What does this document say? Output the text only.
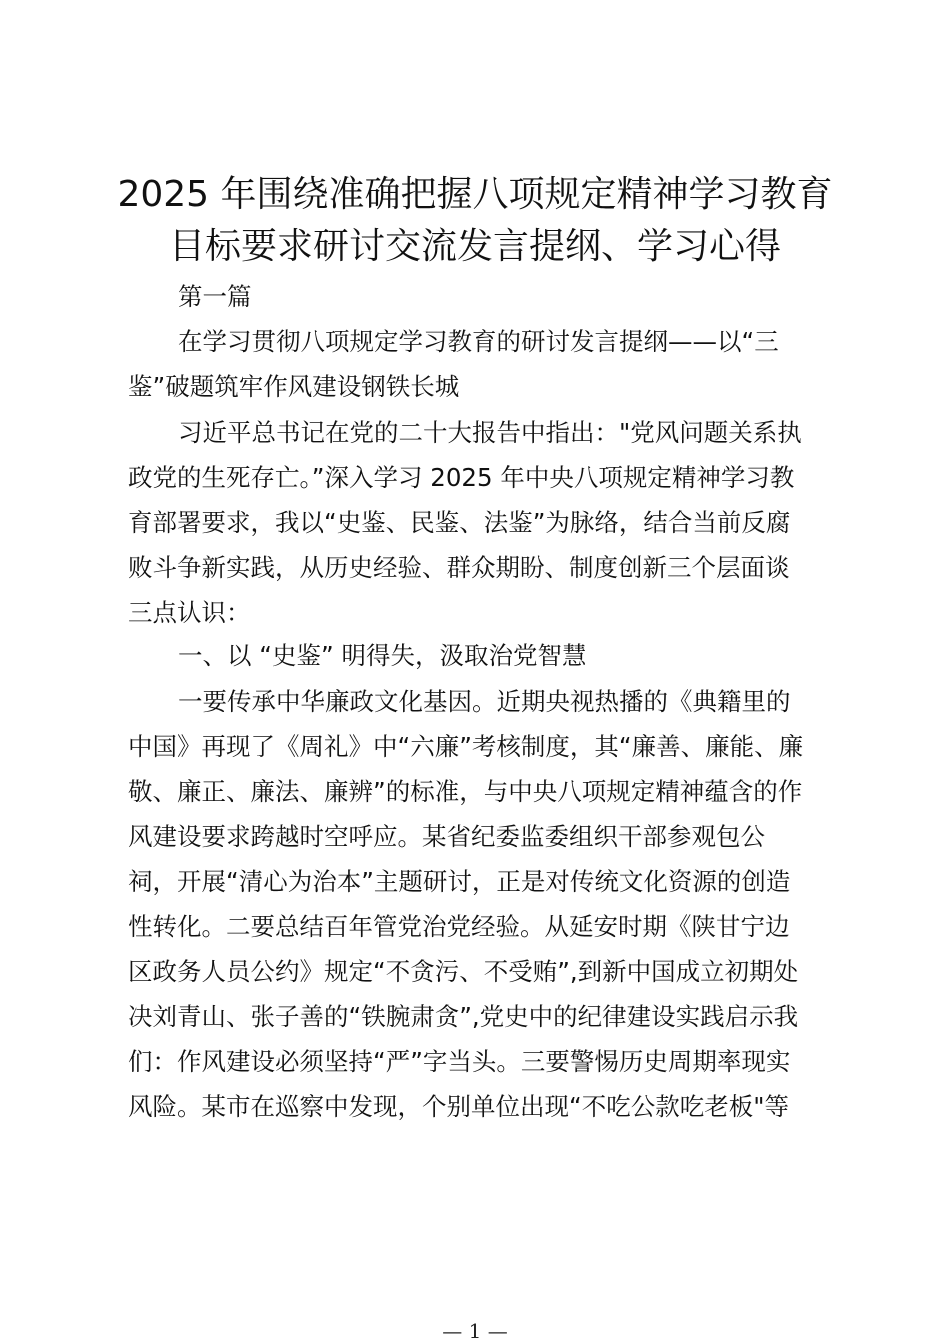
2025 年围绕准确把握八项规定精神学习教育
目标要求研讨交流发言提纲、学习心得
第一篇
在学习贯彻八项规定学习教育的研讨发言提纲——以“三
鉴”破题筑牢作风建设钢铁长城
习近平总书记在党的二十大报告中指出："党风问题关系执
政党的生死存亡。”深入学习 2025 年中央八项规定精神学习教
育部署要求，我以“史鉴、民鉴、法鉴”为脉络，结合当前反腐
败斗争新实践，从历史经验、群众期盼、制度创新三个层面谈
三点认识：
一、以 “史鉴” 明得失，汲取治党智慧
一要传承中华廉政文化基因。近期央视热播的《典籍里的
中国》再现了《周礼》中“六廉”考核制度，其“廉善、廉能、廉
敬、廉正、廉法、廉辨”的标准，与中央八项规定精神蕴含的作
风建设要求跨越时空呼应。某省纪委监委组织干部参观包公
祠，开展“清心为治本”主题研讨，正是对传统文化资源的创造
性转化。二要总结百年管党治党经验。从延安时期《陕甘宁边
区政务人员公约》规定“不贪污、不受贿”,到新中国成立初期处
决刘青山、张子善的“铁腕肃贪”,党史中的纪律建设实践启示我
们：作风建设必须坚持“严”字当头。三要警惕历史周期率现实
风险。某市在巡察中发现，个别单位出现“不吃公款吃老板"等
— 1 —
